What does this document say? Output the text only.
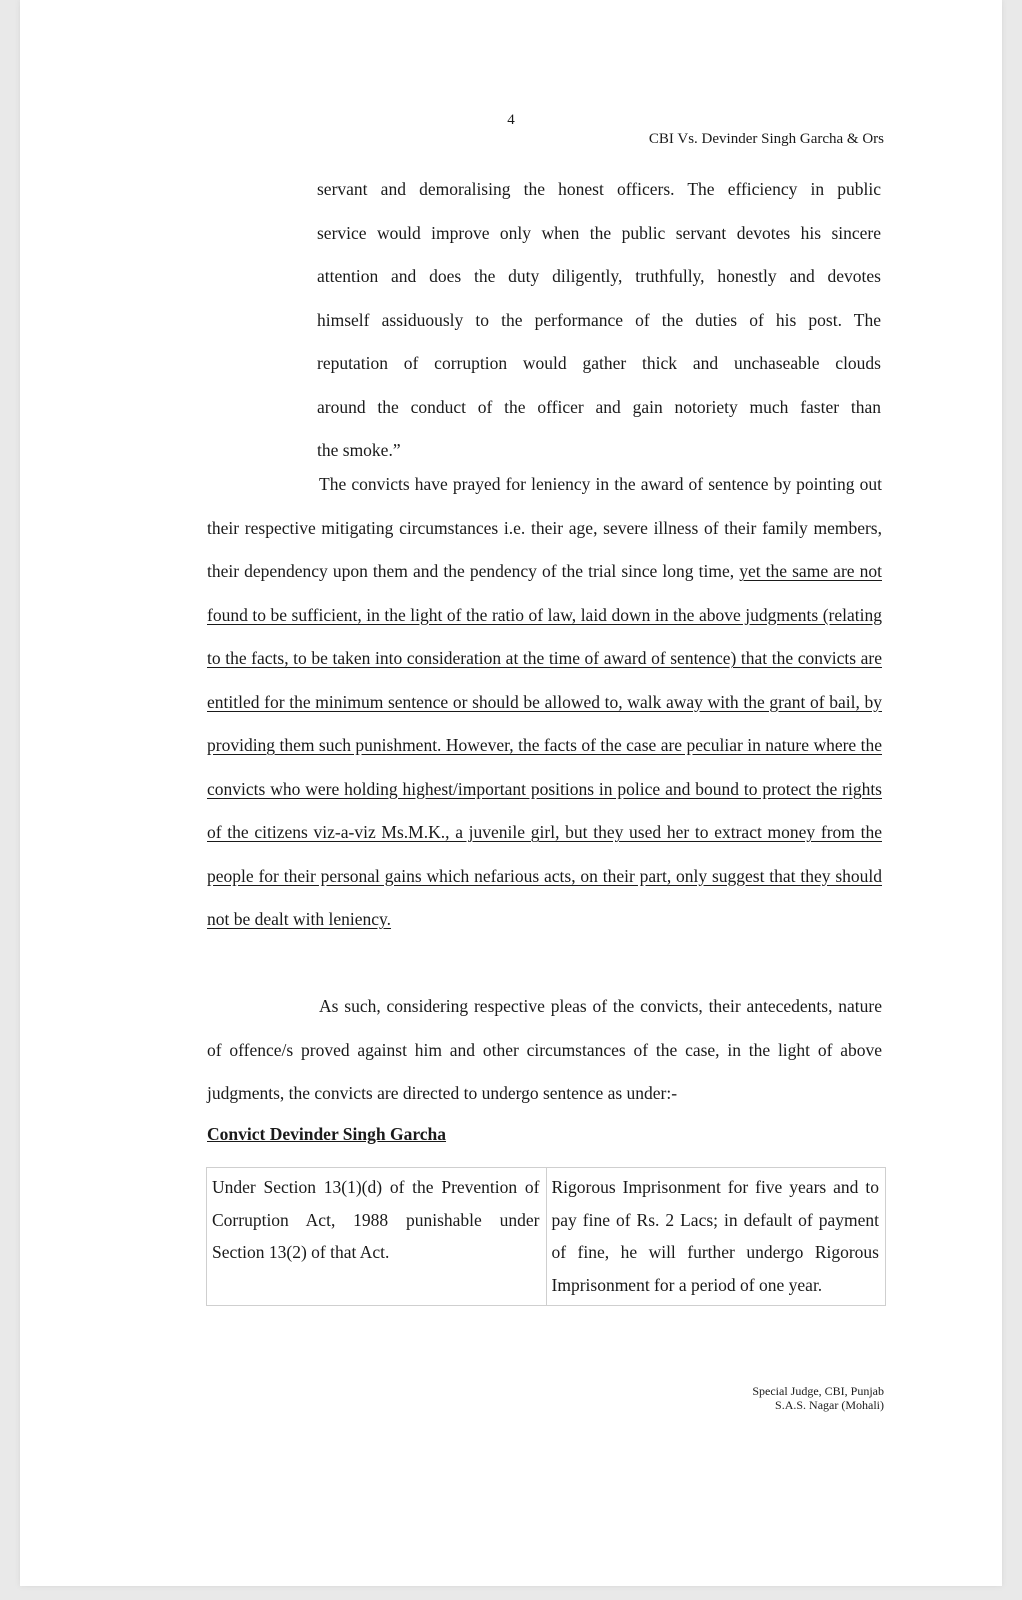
4
CBI Vs. Devinder Singh Garcha & Ors

servant and demoralising the honest officers. The efficiency in public

service would improve only when the public servant devotes his sincere

attention and does the duty diligently, truthfully, honestly and devotes

himself assiduously to the performance of the duties of his post. The

reputation of corruption would gather thick and unchaseable clouds

around the conduct of the officer and gain notoriety much faster than

the smoke.”

The convicts have prayed for leniency in the award of sentence by pointing out their respective mitigating circumstances i.e. their age, severe illness of their family members, their dependency upon them and the pendency of the trial since long time, yet the same are not found to be sufficient, in the light of the ratio of law, laid down in the above judgments (relating to the facts, to be taken into consideration at the time of award of sentence) that the convicts are entitled for the minimum sentence or should be allowed to, walk away with the grant of bail, by providing them such punishment. However, the facts of the case are peculiar in nature where the convicts who were holding highest/important positions in police and bound to protect the rights of the citizens viz-a-viz Ms.M.K., a juvenile girl, but they used her to extract money from the people for their personal gains which nefarious acts, on their part, only suggest that they should not be dealt with leniency.

As such, considering respective pleas of the convicts, their antecedents, nature of offence/s proved against him and other circumstances of the case, in the light of above judgments, the convicts are directed to undergo sentence as under:-

Convict Devinder Singh Garcha
Under Section 13(1)(d) of the Prevention of Corruption Act, 1988 punishable under Section 13(2) of that Act.	Rigorous Imprisonment for five years and to pay fine of Rs. 2 Lacs; in default of payment of fine, he will further undergo Rigorous Imprisonment for a period of one year.
Special Judge, CBI, Punjab
S.A.S. Nagar (Mohali)
